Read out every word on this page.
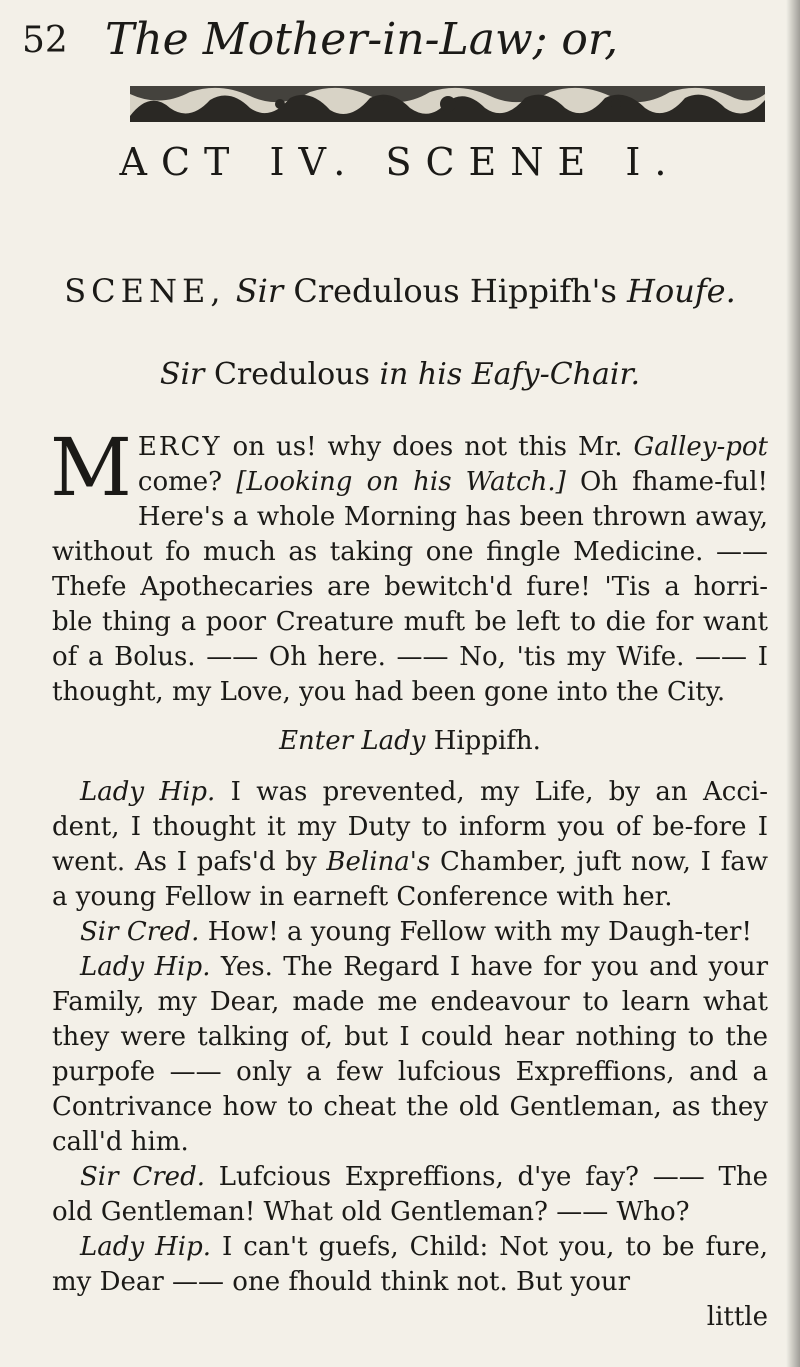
52 The Mother-in-Law; or,
ACT IV. SCENE I.
SCENE, Sir Credulous Hippifh's Houfe.
Sir Credulous in his Eafy-Chair.

MERCY on us! why does not this Mr. Galley-pot come? [Looking on his Watch.] Oh fhame-ful! Here's a whole Morning has been thrown away, without fo much as taking one fingle Medicine. —— Thefe Apothecaries are bewitch'd fure! 'Tis a horri-ble thing a poor Creature muft be left to die for want of a Bolus. —— Oh here. —— No, 'tis my Wife. —— I thought, my Love, you had been gone into the City.

Enter Lady Hippifh.

Lady Hip. I was prevented, my Life, by an Acci-dent, I thought it my Duty to inform you of be-fore I went. As I pafs'd by Belina's Chamber, juft now, I faw a young Fellow in earneft Conference with her.

Sir Cred. How! a young Fellow with my Daugh-ter!

Lady Hip. Yes. The Regard I have for you and your Family, my Dear, made me endeavour to learn what they were talking of, but I could hear nothing to the purpofe —— only a few lufcious Expreffions, and a Contrivance how to cheat the old Gentleman, as they call'd him.

Sir Cred. Lufcious Expreffions, d'ye fay? —— The old Gentleman! What old Gentleman? —— Who?

Lady Hip. I can't guefs, Child: Not you, to be fure, my Dear —— one fhould think not. But your

little
